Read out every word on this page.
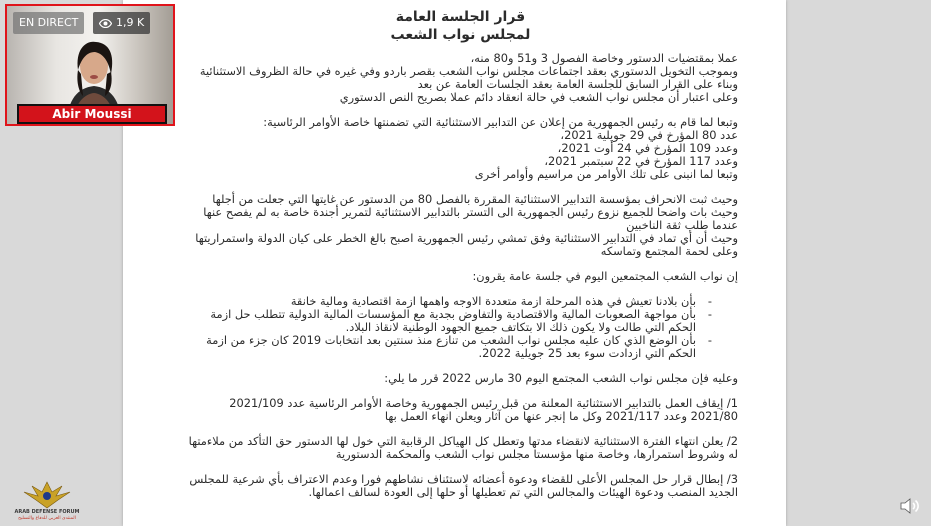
قرار الجلسة العامة
لمجلس نواب الشعب
عملا بمقتضيات الدستور وخاصة الفصول 3 و51 و80 منه،
وبموجب التخويل الدستوري بعقد اجتماعات مجلس نواب الشعب بقصر باردو وفي غيره في حالة الظروف الاستثنائية
وبناء على القرار السابق للجلسة العامة بعقد الجلسات العامة عن بعد
وعلى اعتبار أن مجلس نواب الشعب في حالة انعقاد دائم عملا بصريح النص الدستوري
وتبعا لما قام به رئيس الجمهورية من إعلان عن التدابير الاستثنائية التي تضمنتها خاصة الأوامر الرئاسية:
عدد 80 المؤرخ في 29 جويلية 2021،
وعدد 109 المؤرخ في 24 أوت 2021،
وعدد 117 المؤرخ في 22 سبتمبر 2021،
وتبعا لما انبنى على تلك الأوامر من مراسيم وأوامر أخرى
وحيث ثبت الانحراف بمؤسسة التدابير الاستثنائية المقررة بالفصل 80 من الدستور عن غايتها التي جعلت من أجلها
وحيث بات واضحا للجميع نزوع رئيس الجمهورية الى التستر بالتدابير الاستثنائية لتمرير أجندة خاصة به لم يفصح عنها عندما طلب ثقة الناخبين
وحيث أن أي تماد في التدابير الاستثنائية وفق تمشي رئيس الجمهورية اصبح بالغ الخطر على كيان الدولة واستمراريتها وعلى لحمة المجتمع وتماسكه
إن نواب الشعب المجتمعين اليوم في جلسة عامة يقرون:
- بأن بلادنا تعيش في هذه المرحلة ازمة متعددة الاوجه واهمها ازمة اقتصادية ومالية خانقة
- بأن مواجهة الصعوبات المالية والاقتصادية والتفاوض بجدية مع المؤسسات المالية الدولية تتطلب حل ازمة الحكم التي طالت ولا يكون ذلك الا بتكاتف جميع الجهود الوطنية لانقاذ البلاد.
- بأن الوضع الذي كان عليه مجلس نواب الشعب من تنازع منذ سنتين بعد انتخابات 2019 كان جزء من ازمة الحكم التي ازدادت سوء بعد 25 جويلية 2022.
وعليه فإن مجلس نواب الشعب المجتمع اليوم 30 مارس 2022 قرر ما يلي:
1/ إيقاف العمل بالتدابير الاستثنائية المعلنة من قبل رئيس الجمهورية وخاصة الأوامر الرئاسية عدد 2021/109 2021/80 وعدد 2021/117 وكل ما إنجر عنها من آثار ويعلن انهاء العمل بها
2/ يعلن انتهاء الفترة الاستثنائية لانقضاء مدتها وتعطل كل الهياكل الرقابية التي خول لها الدستور حق التأكد من ملاءمتها له وشروط استمرارها، وخاصة منها مؤسستا مجلس نواب الشعب والمحكمة الدستورية
3/ إبطال قرار حل المجلس الأعلى للقضاء ودعوة أعضائه لاستئناف نشاطهم فورا وعدم الاعتراف بأي شرعية للمجلس الجديد المنصب ودعوة الهيئات والمجالس التي تم تعطيلها أو حلها إلى العودة لسالف اعمالها.
EN DIRECT	1,9 K
Abir Moussi
ARAB DEFENSE FORUM
المنتدى العربي للدفاع والتسليح
